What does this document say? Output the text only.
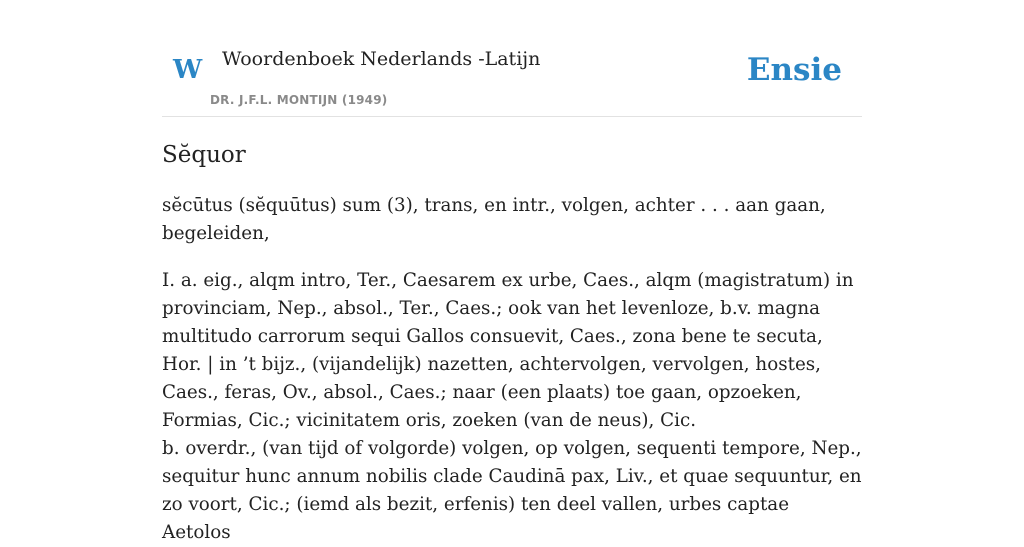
W Woordenboek Nederlands -Latijn
DR. J.F.L. MONTIJN (1949)
Ensie
Sĕquor

sĕcūtus (sĕquūtus) sum (3), trans, en intr., volgen, achter . . . aan gaan, begeleiden,

I. a. eig., alqm intro, Ter., Caesarem ex urbe, Caes., alqm (magistratum) in provinciam, Nep., absol., Ter., Caes.; ook van het levenloze, b.v. magna multitudo carrorum sequi Gallos consuevit, Caes., zona bene te secuta, Hor. | in ’t bijz., (vijandelijk) nazetten, achtervolgen, vervolgen, hostes, Caes., feras, Ov., absol., Caes.; naar (een plaats) toe gaan, opzoeken, Formias, Cic.; vicinitatem oris, zoeken (van de neus), Cic.

b. overdr., (van tijd of volgorde) volgen, op volgen, sequenti tempore, Nep., sequitur hunc annum nobilis clade Caudinā pax, Liv., et quae sequuntur, en zo voort, Cic.; (iemd als bezit, erfenis) ten deel vallen, urbes captae Aetolos
